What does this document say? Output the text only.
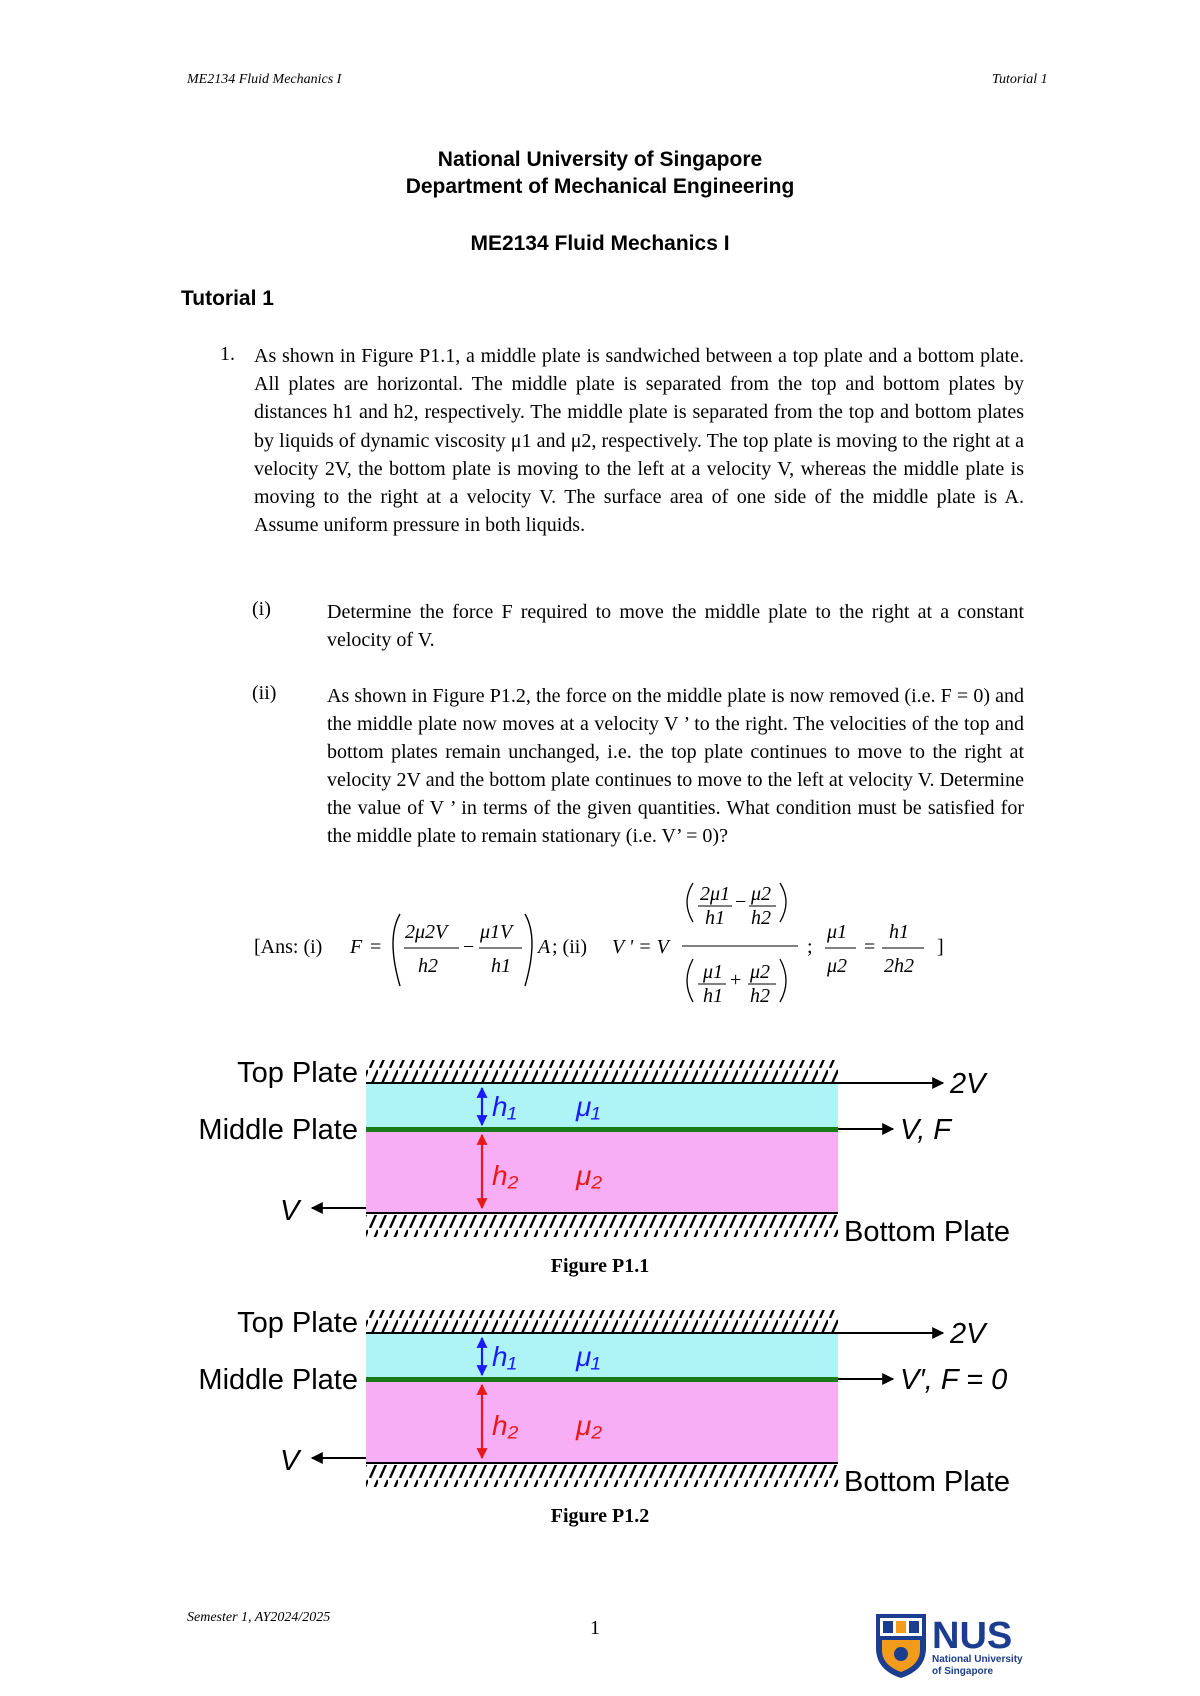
ME2134 Fluid Mechanics I	Tutorial 1
National University of Singapore
Department of Mechanical Engineering
ME2134 Fluid Mechanics I
Tutorial 1
1. As shown in Figure P1.1, a middle plate is sandwiched between a top plate and a bottom plate. All plates are horizontal. The middle plate is separated from the top and bottom plates by distances h1 and h2, respectively. The middle plate is separated from the top and bottom plates by liquids of dynamic viscosity μ1 and μ2, respectively. The top plate is moving to the right at a velocity 2V, the bottom plate is moving to the left at a velocity V, whereas the middle plate is moving to the right at a velocity V. The surface area of one side of the middle plate is A. Assume uniform pressure in both liquids.
(i)	Determine the force F required to move the middle plate to the right at a constant velocity of V.
(ii)	As shown in Figure P1.2, the force on the middle plate is now removed (i.e. F = 0) and the middle plate now moves at a velocity V ’ to the right. The velocities of the top and bottom plates remain unchanged, i.e. the top plate continues to move to the right at velocity 2V and the bottom plate continues to move to the left at velocity V. Determine the value of V ’ in terms of the given quantities. What condition must be satisfied for the middle plate to remain stationary (i.e. V’ = 0)?
[Ans: (i) F =
2μ2V
h2
−
μ1V
h1
A ; (ii) V ' = V
2μ1
h1
− μ2
h2
μ1
h1
+ μ2
h2
;
μ1
μ2
=
h1
2h2
]
Top Plate
Middle Plate
Bottom Plate
2V
V, F
V
h₁ μ₁
h₂ μ₂
Figure P1.1
Top Plate
Middle Plate
Bottom Plate
2V
V′, F = 0
V
h₁ μ₁
h₂ μ₂
Figure P1.2
Semester 1, AY2024/2025	1	NUS
National University
of Singapore
